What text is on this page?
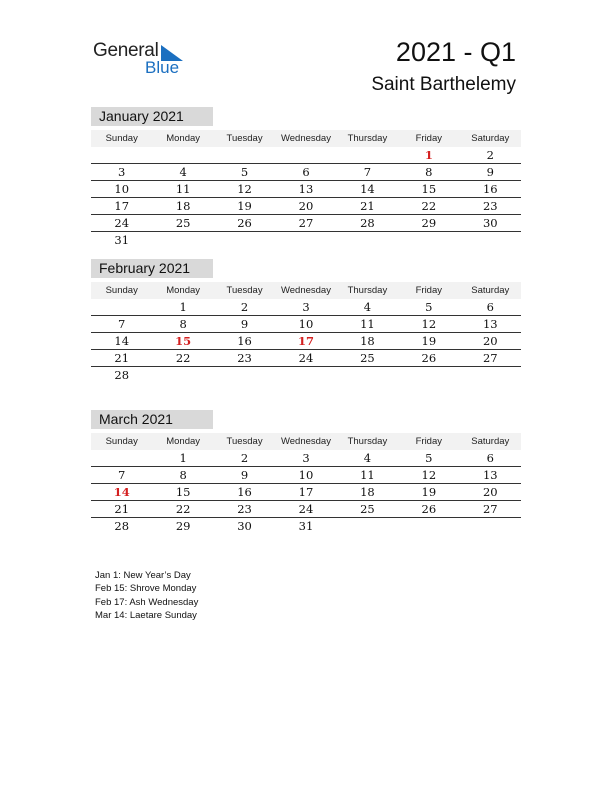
General
Blue
2021 - Q1
Saint Barthelemy
January 2021
Sunday	Monday	Tuesday	Wednesday	Thursday	Friday	Saturday
					1	2
3	4	5	6	7	8	9
10	11	12	13	14	15	16
17	18	19	20	21	22	23
24	25	26	27	28	29	30
31						
February 2021
Sunday	Monday	Tuesday	Wednesday	Thursday	Friday	Saturday
	1	2	3	4	5	6
7	8	9	10	11	12	13
14	15	16	17	18	19	20
21	22	23	24	25	26	27
28						
March 2021
Sunday	Monday	Tuesday	Wednesday	Thursday	Friday	Saturday
	1	2	3	4	5	6
7	8	9	10	11	12	13
14	15	16	17	18	19	20
21	22	23	24	25	26	27
28	29	30	31			
Jan 1: New Year’s Day
Feb 15: Shrove Monday
Feb 17: Ash Wednesday
Mar 14: Laetare Sunday
